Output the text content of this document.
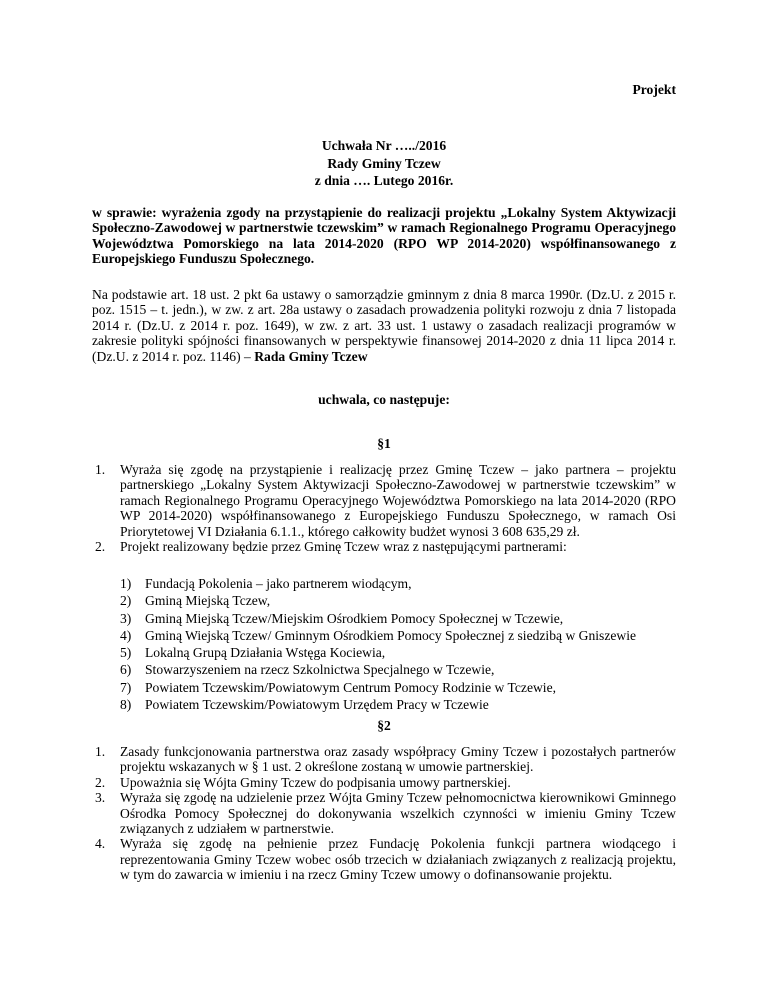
Projekt
Uchwała Nr …../2016
Rady Gminy Tczew
z dnia …. Lutego 2016r.
w sprawie: wyrażenia zgody na przystąpienie do realizacji projektu „Lokalny System Aktywizacji Społeczno-Zawodowej w partnerstwie tczewskim” w ramach Regionalnego Programu Operacyjnego Województwa Pomorskiego na lata 2014-2020 (RPO WP 2014-2020) współfinansowanego z Europejskiego Funduszu Społecznego.
Na podstawie art. 18 ust. 2 pkt 6a ustawy o samorządzie gminnym z dnia 8 marca 1990r. (Dz.U. z 2015 r. poz. 1515 – t. jedn.), w zw. z art. 28a ustawy o zasadach prowadzenia polityki rozwoju z dnia 7 listopada 2014 r. (Dz.U. z 2014 r. poz. 1649), w zw. z art. 33 ust. 1 ustawy o zasadach realizacji programów w zakresie polityki spójności finansowanych w perspektywie finansowej 2014-2020 z dnia 11 lipca 2014 r. (Dz.U. z 2014 r. poz. 1146) – Rada Gminy Tczew
uchwala, co następuje:
§1
1. Wyraża się zgodę na przystąpienie i realizację przez Gminę Tczew – jako partnera – projektu partnerskiego „Lokalny System Aktywizacji Społeczno-Zawodowej w partnerstwie tczewskim” w ramach Regionalnego Programu Operacyjnego Województwa Pomorskiego na lata 2014-2020 (RPO WP 2014-2020) współfinansowanego z Europejskiego Funduszu Społecznego, w ramach Osi Priorytetowej VI Działania 6.1.1., którego całkowity budżet wynosi 3 608 635,29 zł.
2. Projekt realizowany będzie przez Gminę Tczew wraz z następującymi partnerami:
1) Fundacją Pokolenia – jako partnerem wiodącym,
2) Gminą Miejską Tczew,
3) Gminą Miejską Tczew/Miejskim Ośrodkiem Pomocy Społecznej w Tczewie,
4) Gminą Wiejską Tczew/ Gminnym Ośrodkiem Pomocy Społecznej z siedzibą w Gniszewie
5) Lokalną Grupą Działania Wstęga Kociewia,
6) Stowarzyszeniem na rzecz Szkolnictwa Specjalnego w Tczewie,
7) Powiatem Tczewskim/Powiatowym Centrum Pomocy Rodzinie w Tczewie,
8) Powiatem Tczewskim/Powiatowym Urzędem Pracy w Tczewie
§2
1. Zasady funkcjonowania partnerstwa oraz zasady współpracy Gminy Tczew i pozostałych partnerów projektu wskazanych w § 1 ust. 2 określone zostaną w umowie partnerskiej.
2. Upoważnia się Wójta Gminy Tczew do podpisania umowy partnerskiej.
3. Wyraża się zgodę na udzielenie przez Wójta Gminy Tczew pełnomocnictwa kierownikowi Gminnego Ośrodka Pomocy Społecznej do dokonywania wszelkich czynności w imieniu Gminy Tczew związanych z udziałem w partnerstwie.
4. Wyraża się zgodę na pełnienie przez Fundację Pokolenia funkcji partnera wiodącego i reprezentowania Gminy Tczew wobec osób trzecich w działaniach związanych z realizacją projektu, w tym do zawarcia w imieniu i na rzecz Gminy Tczew umowy o dofinansowanie projektu.
